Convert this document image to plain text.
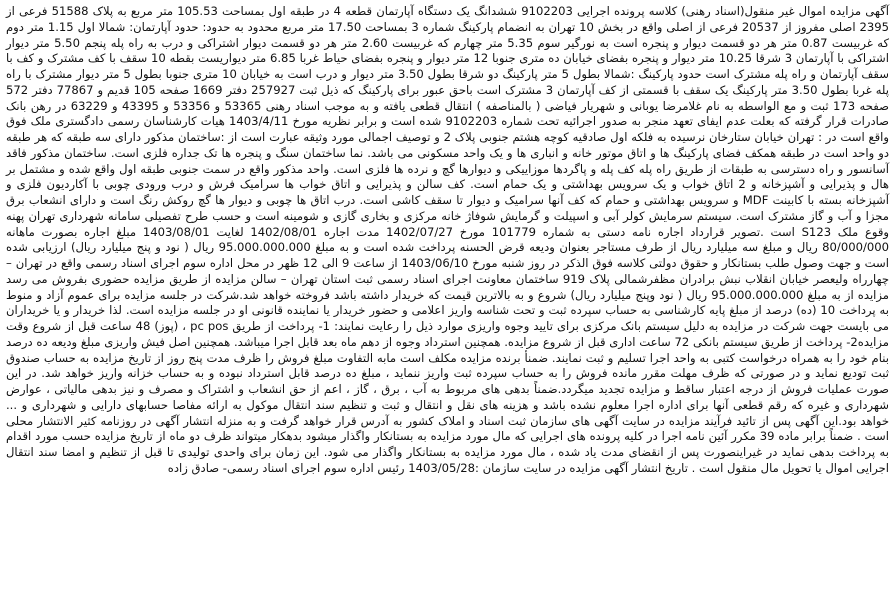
آگهی مزایده اموال غیر منقول(اسناد رهنی) کلاسه پرونده اجرایی 9102203 ششدانگ یک دستگاه آپارتمان قطعه 4 در طبقه اول بمساحت 105.53 متر مربع به پلاک 51588 فرعی از 2395 اصلی مفروز از 20537 فرعی از اصلی واقع در بخش 10 تهران به انضمام پارکینگ شماره 3 بمساحت 17.50 متر مربع محدود به حدود: حدود آپارتمان: شمالا اول 1.15 متر دوم که غربیست 0.87 متر هر دو قسمت دیوار و پنجره است به نورگیر سوم 5.35 متر چهارم که غربیست 2.60 متر هر دو قسمت دیوار اشتراکی و درب به راه پله پنجم 5.50 متر دیوار اشتراکی با آپارتمان 3 شرقا 10.25 متر دیوار و پنجره بفضای خیابان ده متری جنوبا 12 متر دیوار و پنجره بفضای حیاط غربا 6.85 متر دیواریست بقطه 10 سقف با کف مشترک و کف با سقف آپارتمان و راه پله مشترک است حدود پارکینگ :شمالا بطول 5 متر پارکینگ دو شرقا بطول 3.50 متر دیوار و درب است به خیابان 10 متری جنوبا بطول 5 متر دیوار مشترک با راه پله غربا بطول 3.50 متر پارکینگ یک سقف با قسمتی از کف آپارتمان 3 مشترک است باحق عبور برای پارکینگ که ذیل ثبت 257927 دفتر 1669 صفحه 105 قدیم و 77867 دفتر 572 صفحه 173 ثبت و مع الواسطه به نام غلامرضا یوبانی و شهریار فیاضی ( بالمناصفه ) انتقال قطعی یافته و به موجب اسناد رهنی 53365 و 53356 و 43395 و 63229 در رهن بانک صادرات قرار گرفته که بعلت عدم ایفای تعهد منجر به صدور اجرائیه تحت شماره 9102203 شده است و برابر نظریه مورخ 1403/4/11 هیات کارشناسان رسمی دادگستری ملک فوق واقع است در : تهران خیابان ستارخان نرسیده به فلکه اول صادقیه کوچه هشتم جنوبی پلاک 2 و توصیف اجمالی مورد وثیقه عبارت است از :ساختمان مذکور دارای سه طبقه که هر طبقه دو واحد است در طبقه همکف فضای پارکینگ ها و اتاق موتور خانه و انباری ها و یک واحد مسکونی می باشد. نما ساختمان سنگ و پنجره ها تک جداره فلزی است. ساختمان مذکور فاقد آسانسور و راه دسترسی به طبقات از طریق راه پله کف پله و پاگردها موزاییکی و دیوارها گچ و نرده ها فلزی است. واحد مذکور واقع در سمت جنوبی طبقه اول واقع شده و مشتمل بر هال و پذیرایی و آشپزخانه و 2 اتاق خواب و یک سرویس بهداشتی و یک حمام است. کف سالن و پذیرایی و اتاق خواب ها سرامیک فرش و درب ورودی چوبی با آکاردیون فلزی و آشپزخانه بسته با کابینت MDF و سرویس بهداشتی و حمام که کف آنها سرامیک و دیوار تا سقف کاشی است. درب اتاق ها چوبی و دیوار ها گچ روکش رنگ است و دارای انشعاب برق مجزا و آب و گاز مشترک است. سیستم سرمایش کولر آبی و اسپیلت و گرمایش شوفاژ خانه مرکزی و بخاری گازی و شومینه است و حسب طرح تفصیلی سامانه شهرداری تهران پهنه وقوع ملک S123 است .تصویر قرارداد اجاره نامه دستی به شماره 101779 مورخ 1402/07/27 مدت اجاره 1402/08/01 لغایت 1403/08/01 مبلغ اجاره بصورت ماهانه 80/000/000 ریال و مبلغ سه میلیارد ریال از طرف مستاجر بعنوان ودیعه قرض الحسنه پرداخت شده است و به مبلغ 95.000.000.000 ریال ( نود و پنج میلیارد ریال) ارزیابی شده است و جهت وصول طلب بستانکار و حقوق دولتی کلاسه فوق الذکر در روز شنبه مورخ 1403/06/10 از ساعت 9 الی 12 ظهر در محل اداره سوم اجرای اسناد رسمی واقع در تهران – چهارراه ولیعصر خیابان انقلاب نبش برادران مظفرشمالی پلاک 919 ساختمان معاونت اجرای اسناد رسمی ثبت استان تهران – سالن مزایده از طریق مزایده حضوری بفروش می رسد مزایده از به مبلغ 95.000.000.000 ریال ( نود وپنج میلیارد ریال) شروع و به بالاترین قیمت که خریدار داشته باشد فروخته خواهد شد.شرکت در جلسه مزایده برای عموم آزاد و منوط به پرداخت 10 (ده) درصد از مبلغ پایه کارشناسی به حساب سپرده ثبت و تحت شناسه واریز اعلامی و حضور خریدار یا نماینده قانونی او در جلسه مزایده است. لذا خریدار و یا خریداران می بایست جهت شرکت در مزایده به دلیل سیستم بانک مرکزی برای تایید وجوه واریزی موارد ذیل را رعایت نمایند: 1- پرداخت از طریق pc pos ، (پوز) 48 ساعت قبل از شروع وقت مزایده2- پرداخت از طریق سیستم بانکی 72 ساعت اداری قبل از شروع مزایده. همچنین استرداد وجوه از دهم ماه بعد قابل اجرا میباشد. همچنین اصل فیش واریزی مبلغ ودیعه ده درصد بنام خود را به همراه درخواست کتبی به واحد اجرا تسلیم و ثبت نمایند. ضمنأ برنده مزایده مکلف است مابه التفاوت مبلغ فروش را ظرف مدت پنج روز از تاریخ مزایده به حساب صندوق ثبت تودیع نماید و در صورتی که ظرف مهلت مقرر مانده فروش را به حساب سپرده ثبت واریز ننماید ، مبلغ ده درصد قابل استرداد نبوده و به حساب خزانه واریز خواهد شد. در این صورت عملیات فروش از درجه اعتبار ساقط و مزایده تجدید میگردد.ضمناً بدهی های مربوط به آب ، برق ، گاز ، اعم از حق انشعاب و اشتراک و مصرف و نیز بدهی مالیاتی ، عوارض شهرداری و غیره که رقم قطعی آنها برای اداره اجرا معلوم نشده باشد و هزینه های نقل و انتقال و ثبت و تنظیم سند انتقال موکول به ارائه مفاصا حسابهای دارایی و شهرداری و ... خواهد بود.این آگهی پس از تائید فرآیند مزایده در سایت آگهی های سازمان ثبت اسناد و املاک کشور به آدرس قرار خواهد گرفت و به منزله انتشار آگهی در روزنامه کثیر الانتشار محلی است . ضمناً برابر ماده 39 مکرر آئین نامه اجرا در کلیه پرونده های اجرایی که مال مورد مزایده به بستانکار واگذار میشود بدهکار میتواند ظرف دو ماه از تاریخ مزایده حسب مورد اقدام به پرداخت بدهی نماید در غیراینصورت پس از انقضای مدت یاد شده ، مال مورد مزایده به بستانکار واگذار می شود. این زمان برای واحدی تولیدی تا قبل از تنظیم و امضا سند انتقال اجرایی اموال یا تحویل مال منقول است . تاریخ انتشار آگهی مزایده در سایت سازمان :1403/05/28 رئیس اداره سوم اجرای اسناد رسمی- صادق زاده
